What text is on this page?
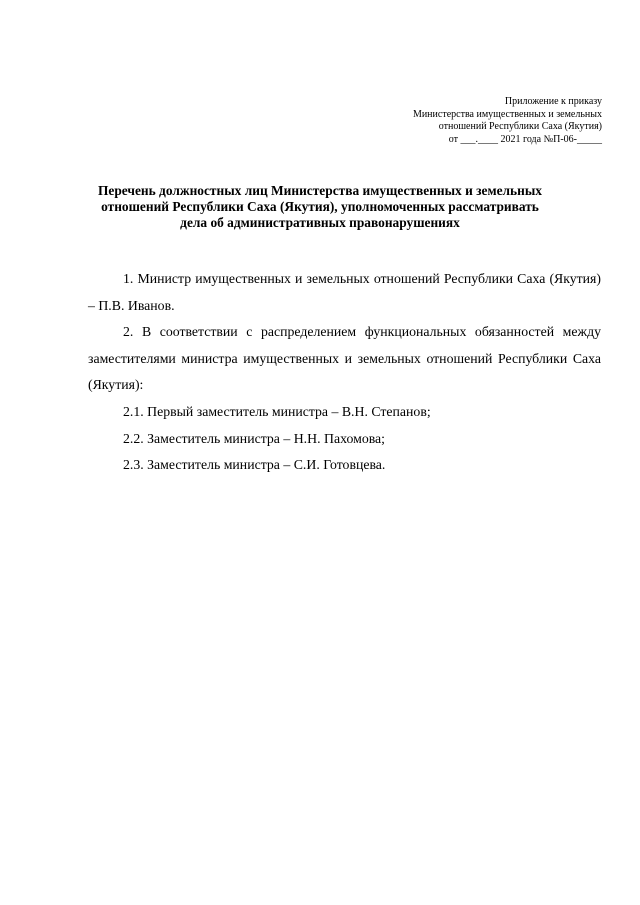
Приложение к приказу
Министерства имущественных и земельных
отношений Республики Саха (Якутия)
от ___.____ 2021 года №П-06-_____
Перечень должностных лиц Министерства имущественных и земельных
отношений Республики Саха (Якутия), уполномоченных рассматривать
дела об административных правонарушениях

1. Министр имущественных и земельных отношений Республики Саха (Якутия) – П.В. Иванов.

2. В соответствии с распределением функциональных обязанностей между заместителями министра имущественных и земельных отношений Республики Саха (Якутия):

2.1. Первый заместитель министра – В.Н. Степанов;

2.2. Заместитель министра – Н.Н. Пахомова;

2.3. Заместитель министра – С.И. Готовцева.
